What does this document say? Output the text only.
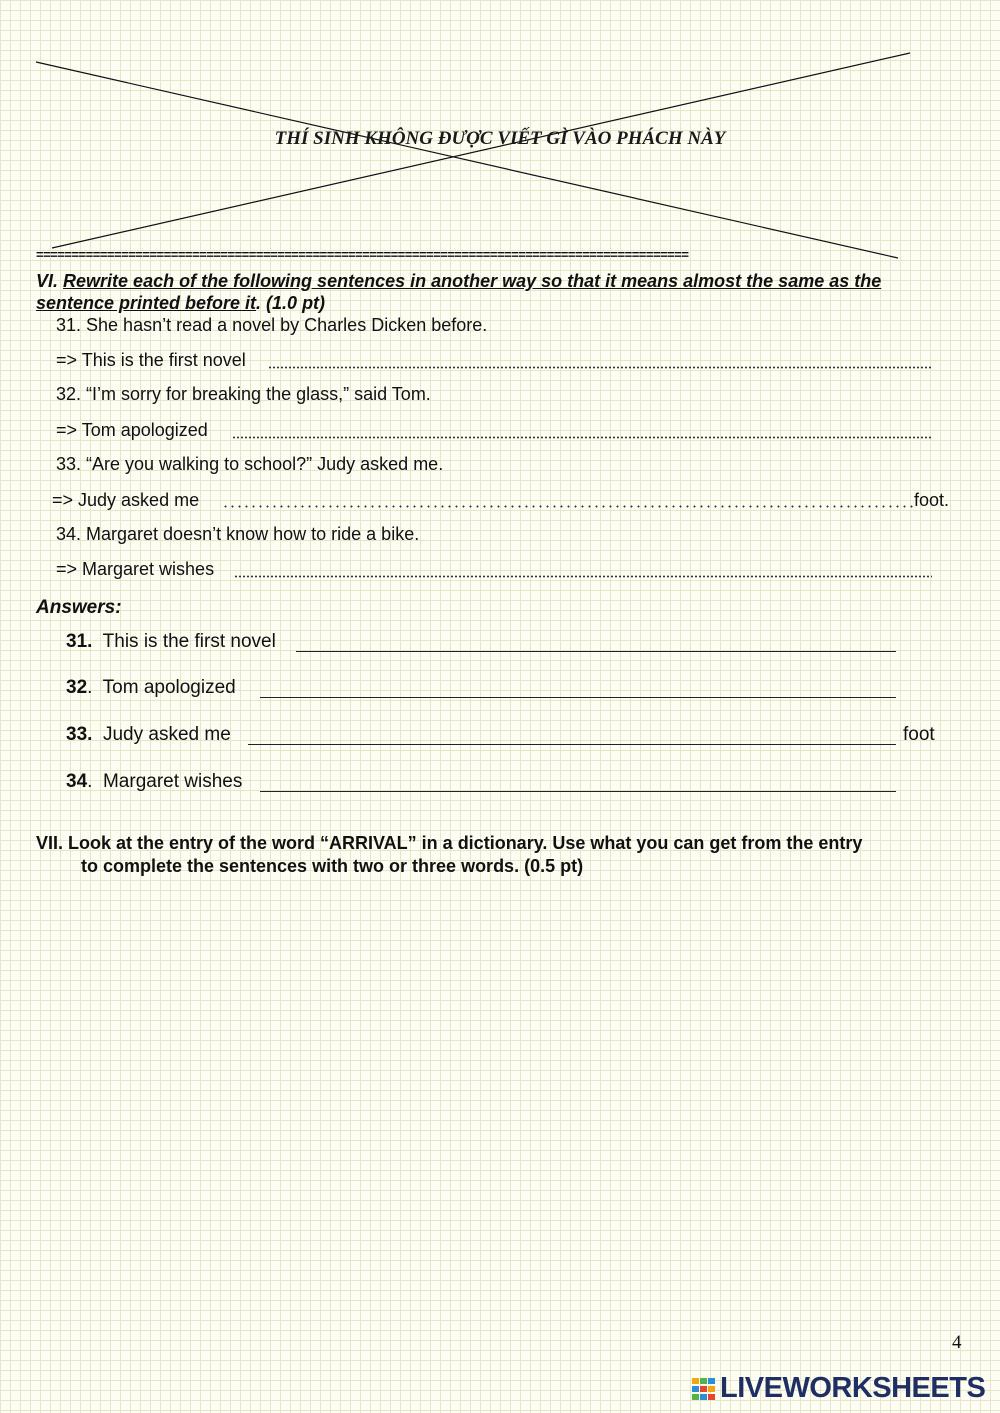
THÍ SINH KHÔNG ĐƯỢC VIẾT GÌ VÀO PHÁCH NÀY
============================================================================================
VI. Rewrite each of the following sentences in another way so that it means almost the same as the
sentence printed before it. (1.0 pt)
31. She hasn’t read a novel by Charles Dicken before.
=> This is the first novel
32. “I’m sorry for breaking the glass,” said Tom.
=> Tom apologized
33. “Are you walking to school?” Judy asked me.
=> Judy asked me	foot.
34. Margaret doesn’t know how to ride a bike.
=> Margaret wishes
Answers:
31. This is the first novel
32. Tom apologized
33. Judy asked me	foot
34. Margaret wishes
VII. Look at the entry of the word “ARRIVAL” in a dictionary. Use what you can get from the entry
to complete the sentences with two or three words. (0.5 pt)
4
LIVEWORKSHEETS
